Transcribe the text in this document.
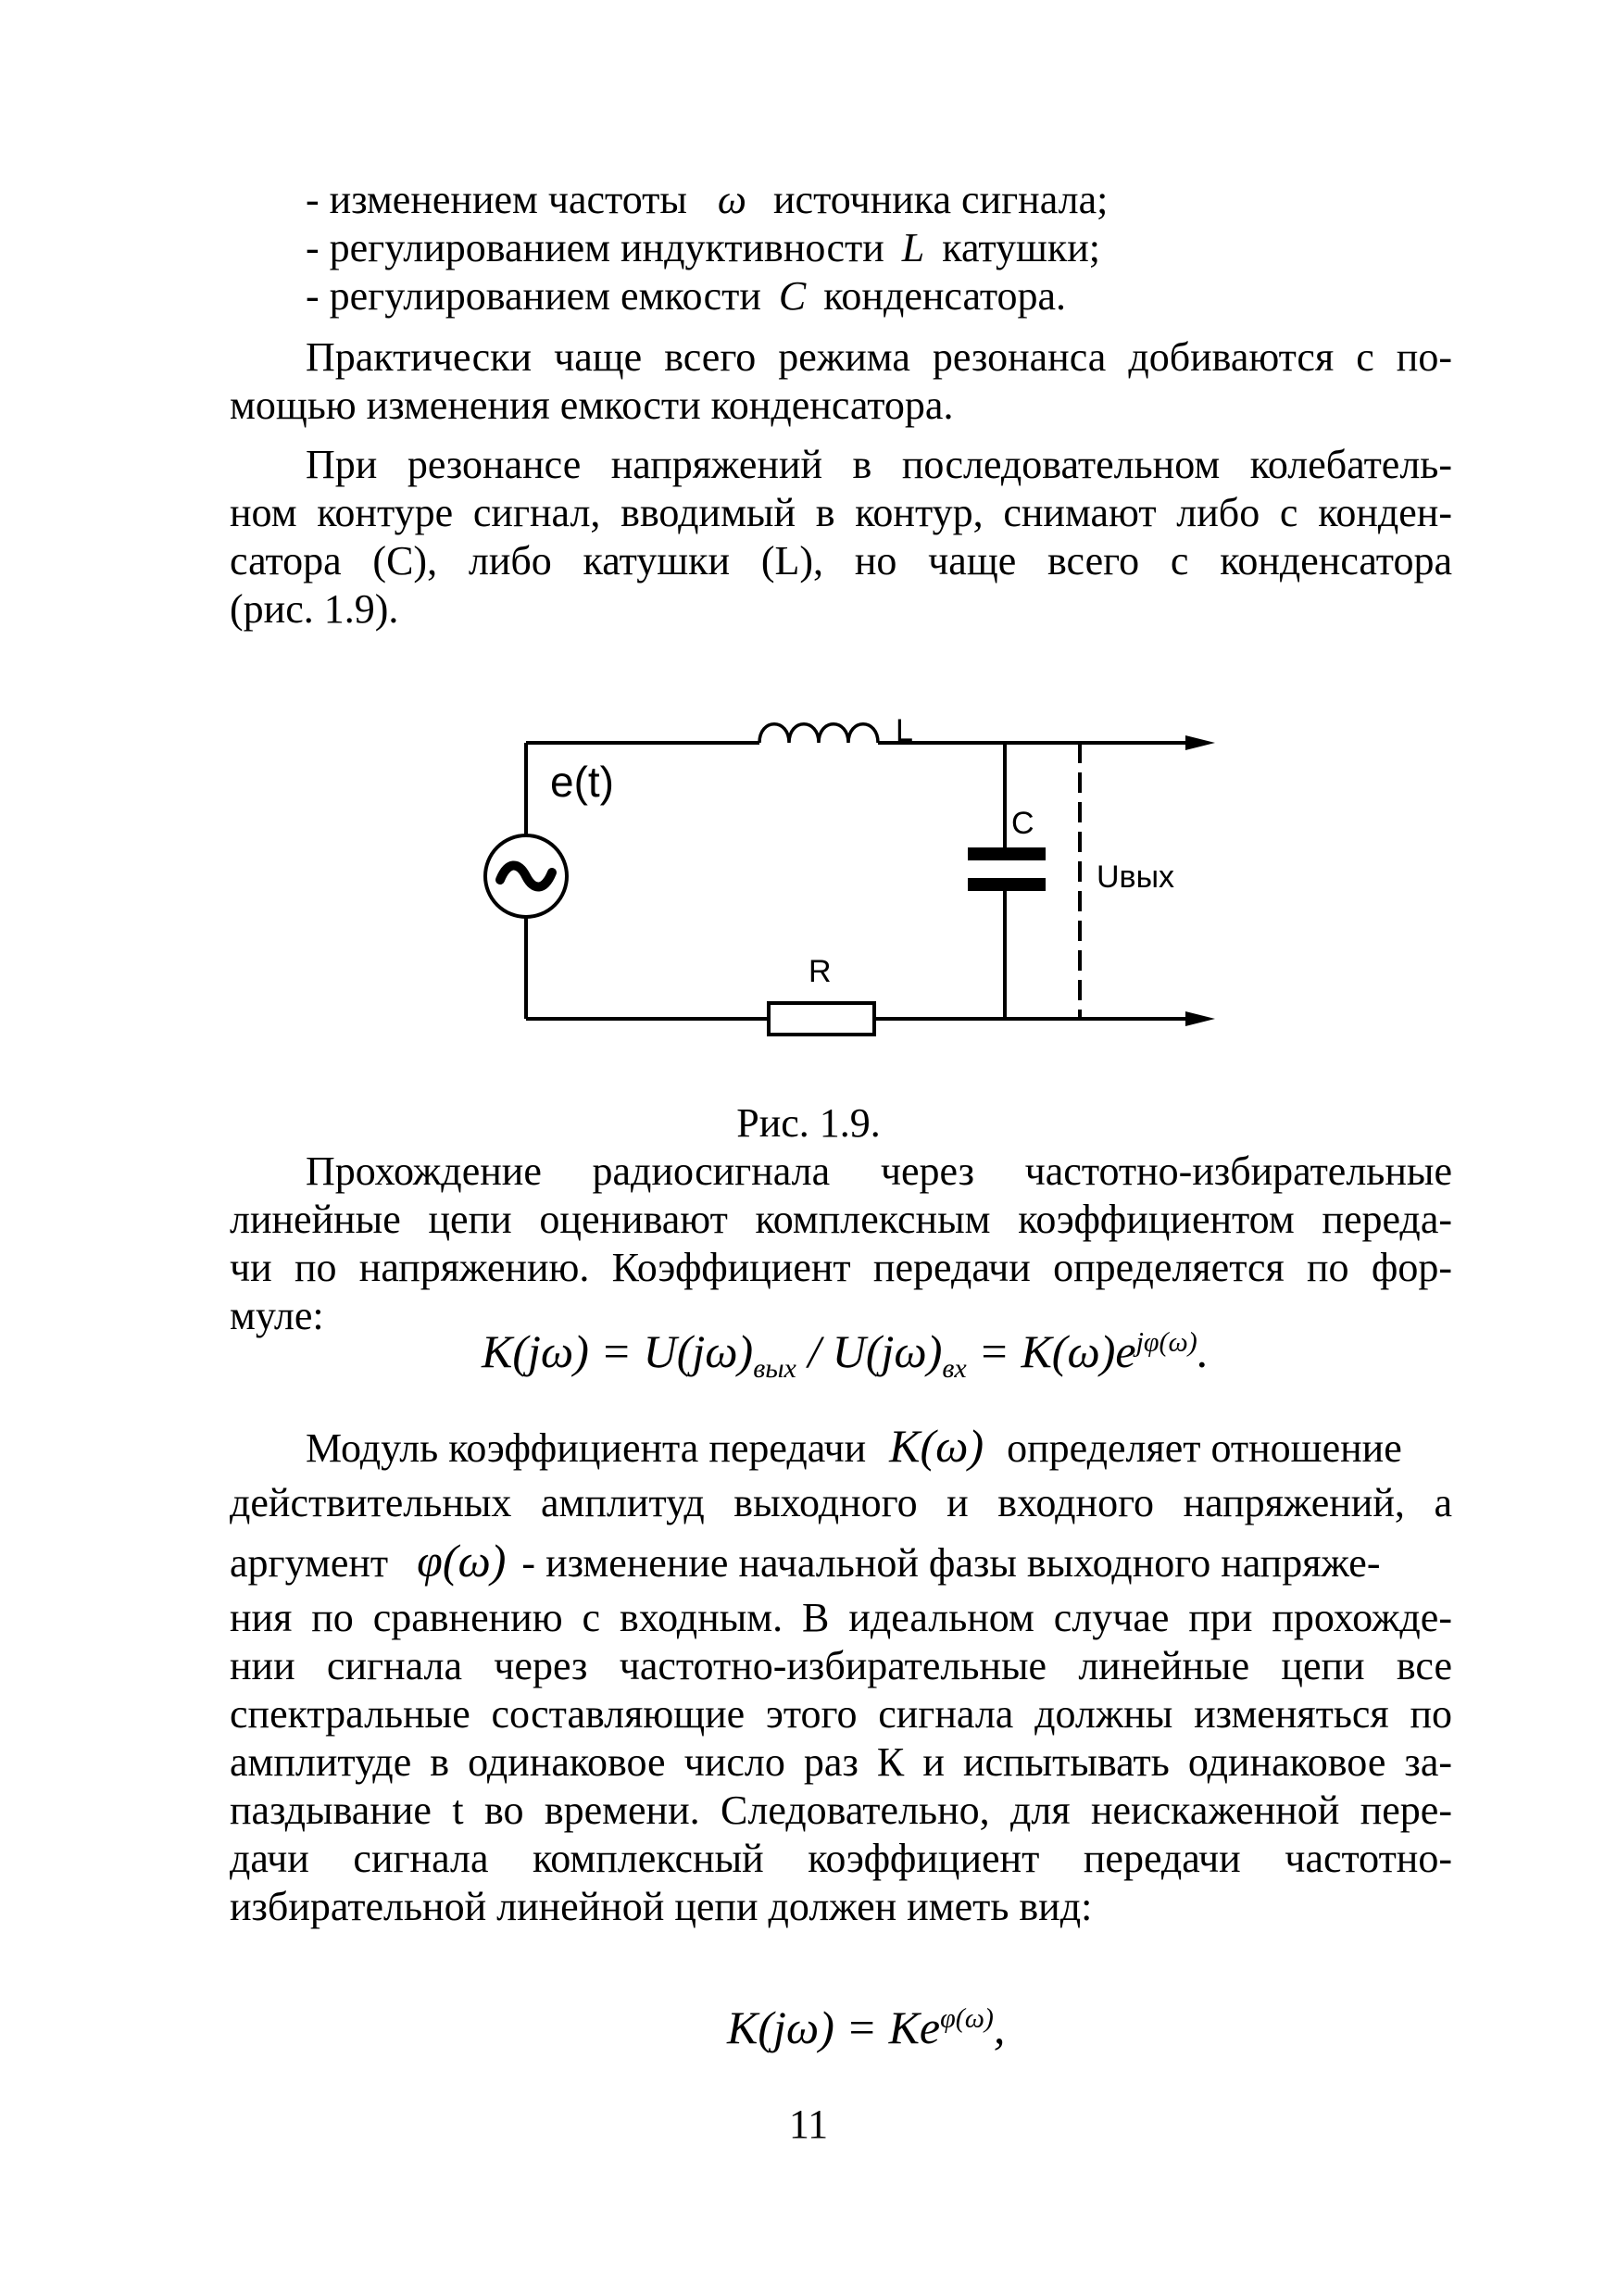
- изменением частоты ω источника сигнала;
- регулированием индуктивности L катушки;
- регулированием емкости C конденсатора.
Практически чаще всего режима резонанса добиваются с по-
мощью изменения емкости конденсатора.
При резонансе напряжений в последовательном колебатель-
ном контуре сигнал, вводимый в контур, снимают либо с конден-
сатора (С), либо катушки (L), но чаще всего с конденсатора
(рис. 1.9).
e(t)
L
C
R
Uвых
Рис. 1.9.
Прохождение радиосигнала через частотно-избирательные
линейные цепи оценивают комплексным коэффициентом переда-
чи по напряжению. Коэффициент передачи определяется по фор-
муле:
$K(j\omega) = U(j\omega)_{вых} / U(j\omega)_{вх} = K(\omega)e^{j\varphi(\omega)}$.
Модуль коэффициента передачи K(ω) определяет отношение
действительных амплитуд выходного и входного напряжений, а
аргумент φ(ω) - изменение начальной фазы выходного напряже-
ния по сравнению с входным. В идеальном случае при прохожде-
нии сигнала через частотно-избирательные линейные цепи все
спектральные составляющие этого сигнала должны изменяться по
амплитуде в одинаковое число раз К и испытывать одинаковое за-
паздывание t во времени. Следовательно, для неискаженной пере-
дачи сигнала комплексный коэффициент передачи частотно-
избирательной линейной цепи должен иметь вид:
$K(j\omega) = Ke^{\varphi(\omega)}$,
11
